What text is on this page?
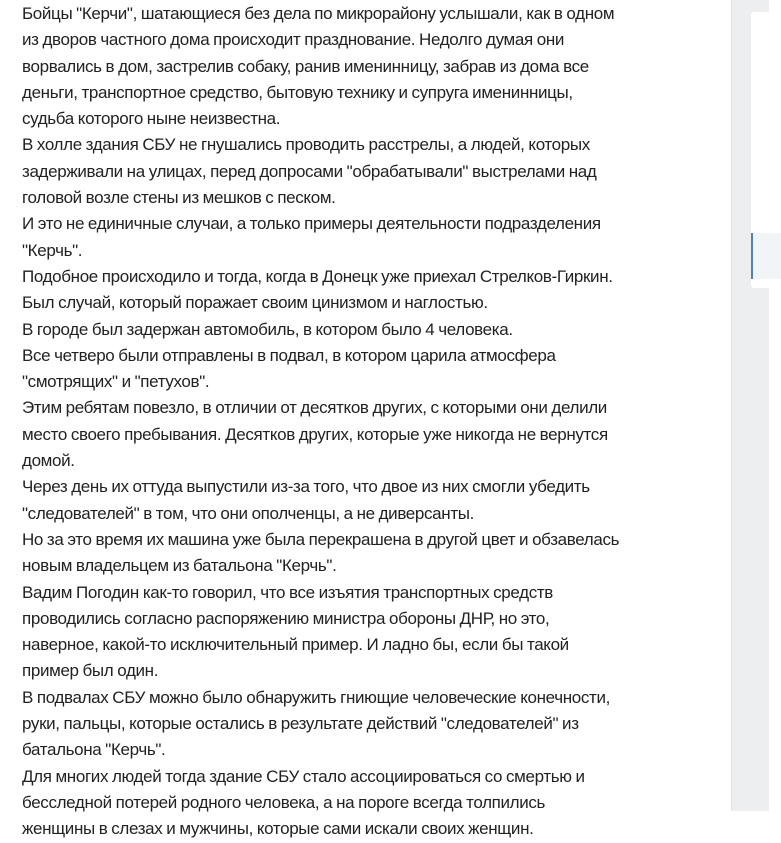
Бойцы "Керчи", шатающиеся без дела по микрорайону услышали, как в одном
из дворов частного дома происходит празднование. Недолго думая они
ворвались в дом, застрелив собаку, ранив именинницу, забрав из дома все
деньги, транспортное средство, бытовую технику и супруга именинницы,
судьба которого ныне неизвестна.
В холле здания СБУ не гнушались проводить расстрелы, а людей, которых
задерживали на улицах, перед допросами "обрабатывали" выстрелами над
головой возле стены из мешков с песком.
И это не единичные случаи, а только примеры деятельности подразделения
"Керчь".
Подобное происходило и тогда, когда в Донецк уже приехал Стрелков-Гиркин.
Был случай, который поражает своим цинизмом и наглостью.
В городе был задержан автомобиль, в котором было 4 человека.
Все четверо были отправлены в подвал, в котором царила атмосфера
"смотрящих" и "петухов".
Этим ребятам повезло, в отличии от десятков других, с которыми они делили
место своего пребывания. Десятков других, которые уже никогда не вернутся
домой.
Через день их оттуда выпустили из-за того, что двое из них смогли убедить
"следователей" в том, что они ополченцы, а не диверсанты.
Но за это время их машина уже была перекрашена в другой цвет и обзавелась
новым владельцем из батальона "Керчь".
Вадим Погодин как-то говорил, что все изъятия транспортных средств
проводились согласно распоряжению министра обороны ДНР, но это,
наверное, какой-то исключительный пример. И ладно бы, если бы такой
пример был один.
В подвалах СБУ можно было обнаружить гниющие человеческие конечности,
руки, пальцы, которые остались в результате действий "следователей" из
батальона "Керчь".
Для многих людей тогда здание СБУ стало ассоциироваться со смертью и
бесследной потерей родного человека, а на пороге всегда толпились
женщины в слезах и мужчины, которые сами искали своих женщин.
